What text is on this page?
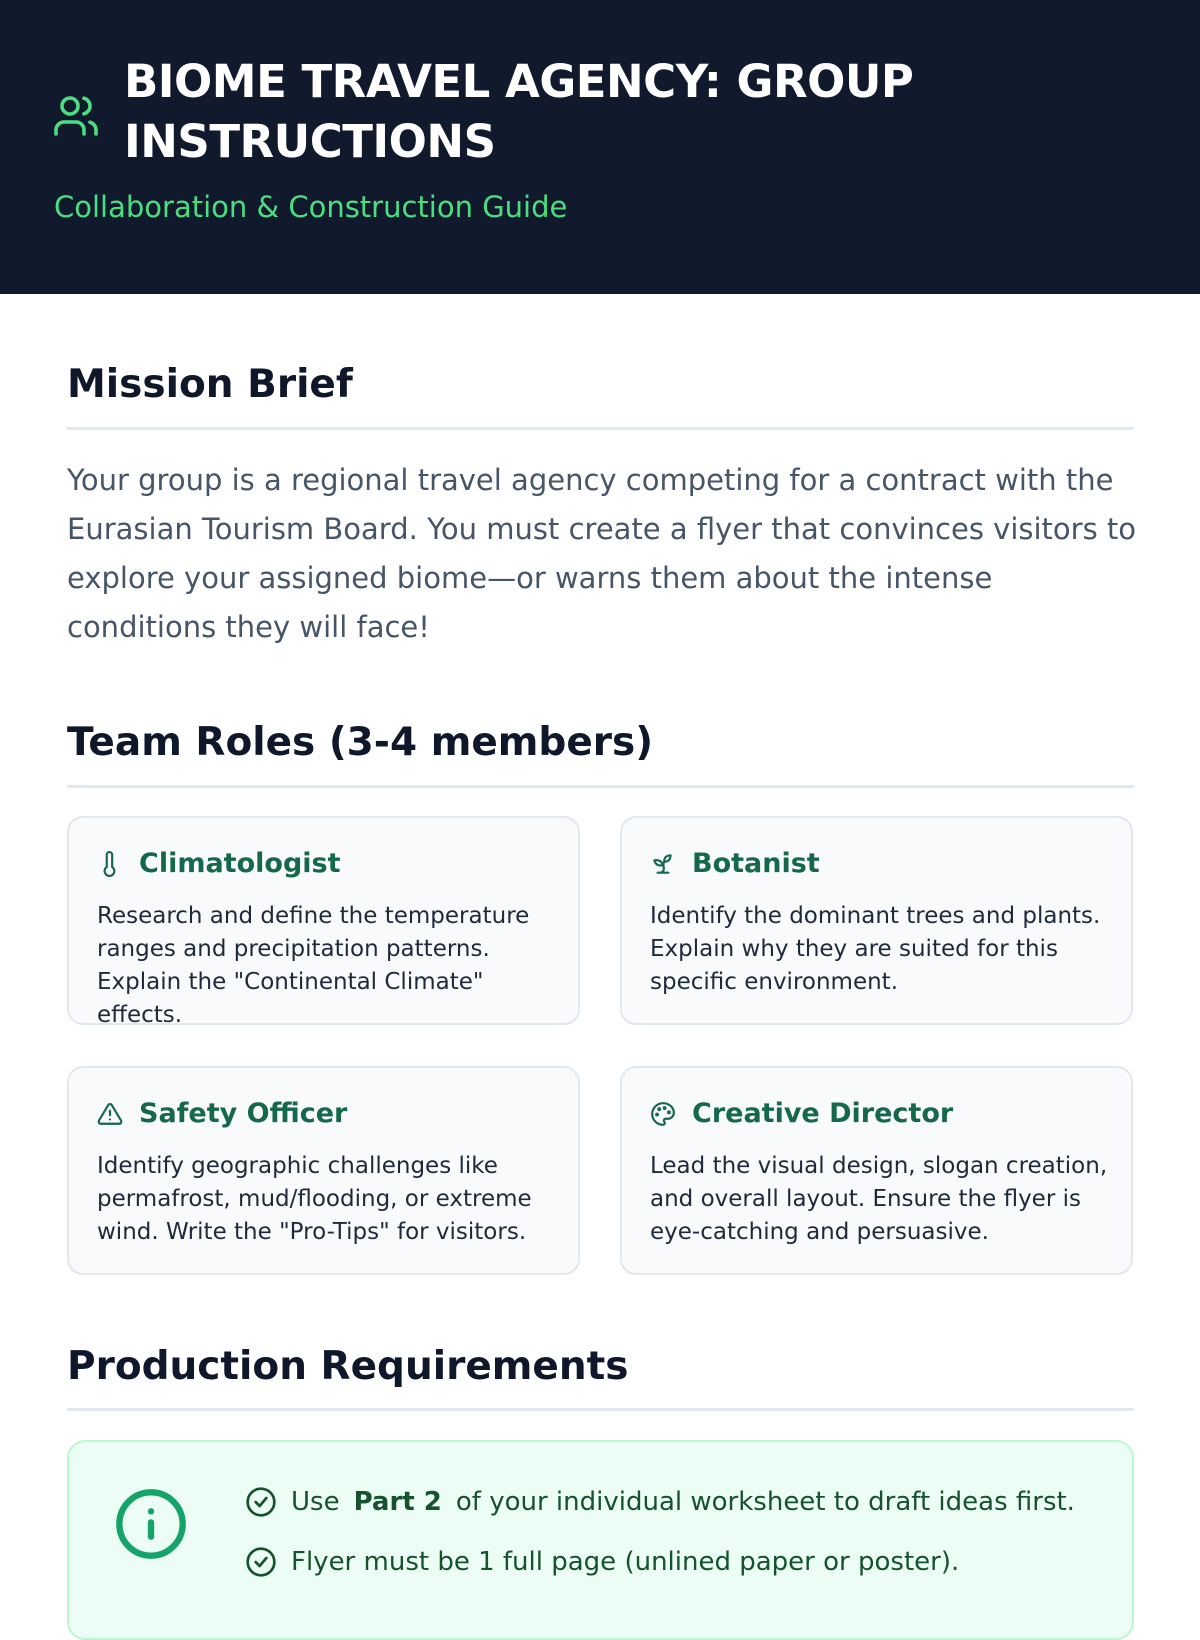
BIOME TRAVEL AGENCY: GROUP INSTRUCTIONS
Collaboration & Construction Guide
Mission Brief

Your group is a regional travel agency competing for a contract with the Eurasian Tourism Board. You must create a flyer that convinces visitors to explore your assigned biome—or warns them about the intense conditions they will face!

Team Roles (3-4 members)
Climatologist

Research and define the temperature ranges and precipitation patterns. Explain the "Continental Climate" effects.

Botanist

Identify the dominant trees and plants. Explain why they are suited for this specific environment.

Safety Officer

Identify geographic challenges like permafrost, mud/flooding, or extreme wind. Write the "Pro-Tips" for visitors.

Creative Director

Lead the visual design, slogan creation, and overall layout. Ensure the flyer is eye-catching and persuasive.

Production Requirements
Use Part 2 of your individual worksheet to draft ideas first.
Flyer must be 1 full page (unlined paper or poster).
